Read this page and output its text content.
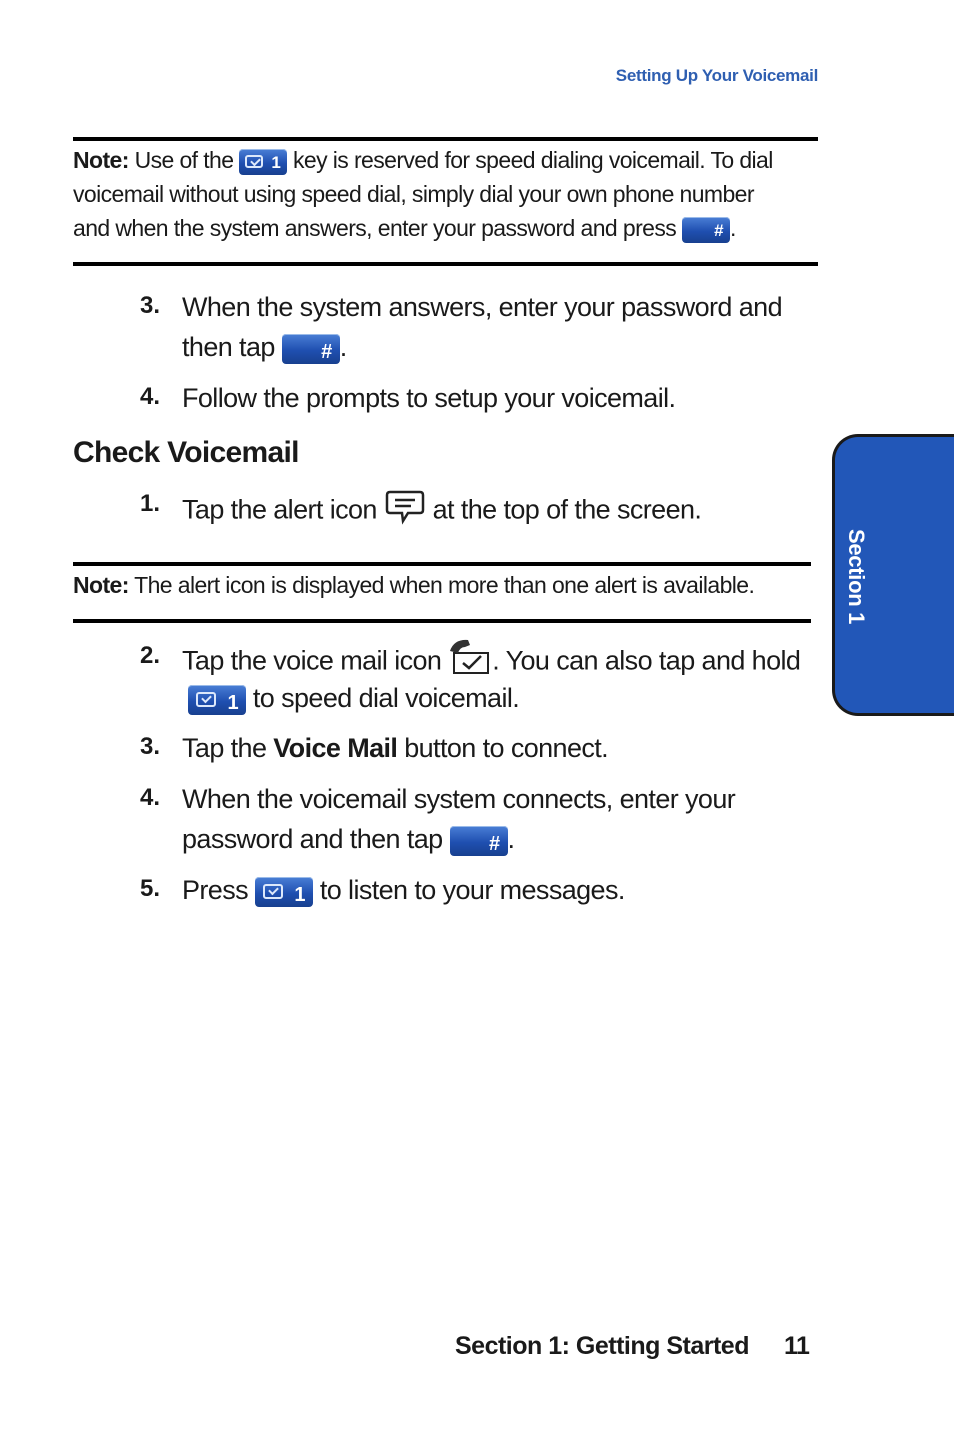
Setting Up Your Voicemail
Note: Use of the 1 key is reserved for speed dialing voicemail. To dial
voicemail without using speed dial, simply dial your own phone number
and when the system answers, enter your password and press # .
3. When the system answers, enter your password and
then tap # .
4. Follow the prompts to setup your voicemail.
Check Voicemail
1. Tap the alert icon  at the top of the screen.
Note: The alert icon is displayed when more than one alert is available.
2. Tap the voice mail icon . You can also tap and hold
1 to speed dial voicemail.
3. Tap the Voice Mail button to connect.
4. When the voicemail system connects, enter your
password and then tap # .
5. Press 1 to listen to your messages.
Section 1
Section 1: Getting Started 11
